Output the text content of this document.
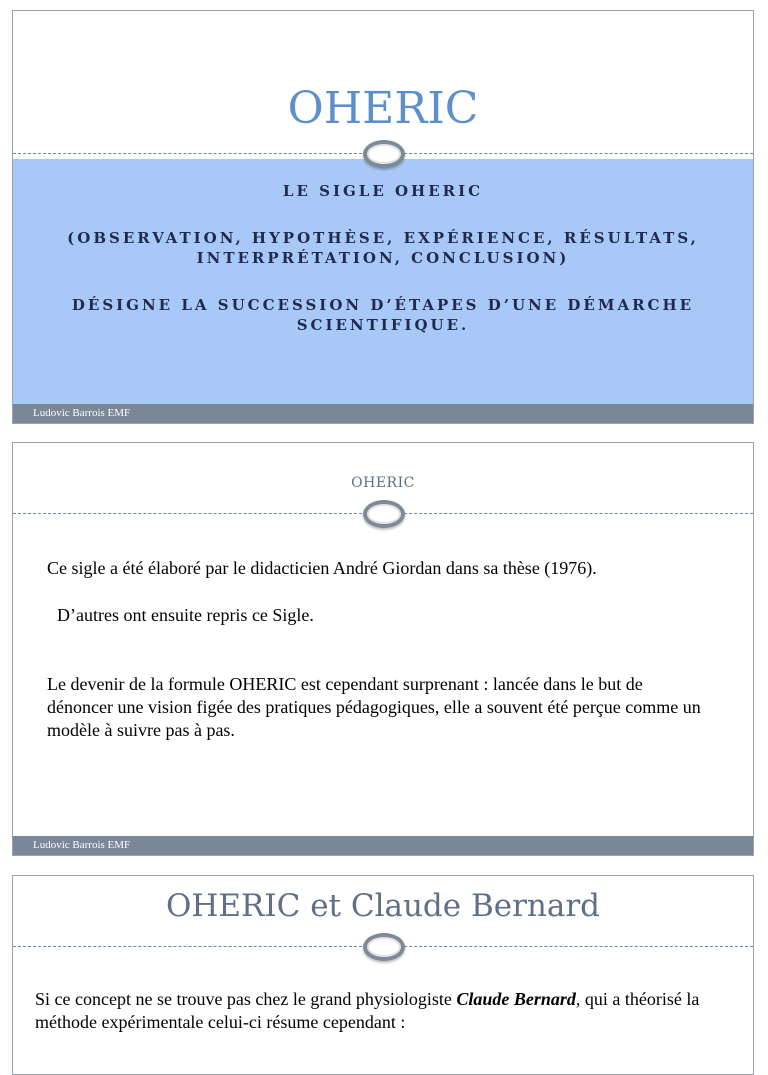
OHERIC

LE SIGLE OHERIC

(OBSERVATION, HYPOTHÈSE, EXPÉRIENCE, RÉSULTATS, INTERPRÉTATION, CONCLUSION)

DÉSIGNE LA SUCCESSION D’ÉTAPES D’UNE DÉMARCHE SCIENTIFIQUE.

Ludovic Barrois EMF
OHERIC

Ce sigle a été élaboré par le didacticien André Giordan dans sa thèse (1976).

D’autres ont ensuite repris ce Sigle.

Le devenir de la formule OHERIC est cependant surprenant : lancée dans le but de dénoncer une vision figée des pratiques pédagogiques, elle a souvent été perçue comme un modèle à suivre pas à pas.

Ludovic Barrois EMF
OHERIC et Claude Bernard

Si ce concept ne se trouve pas chez le grand physiologiste Claude Bernard, qui a théorisé la méthode expérimentale celui-ci résume cependant :
